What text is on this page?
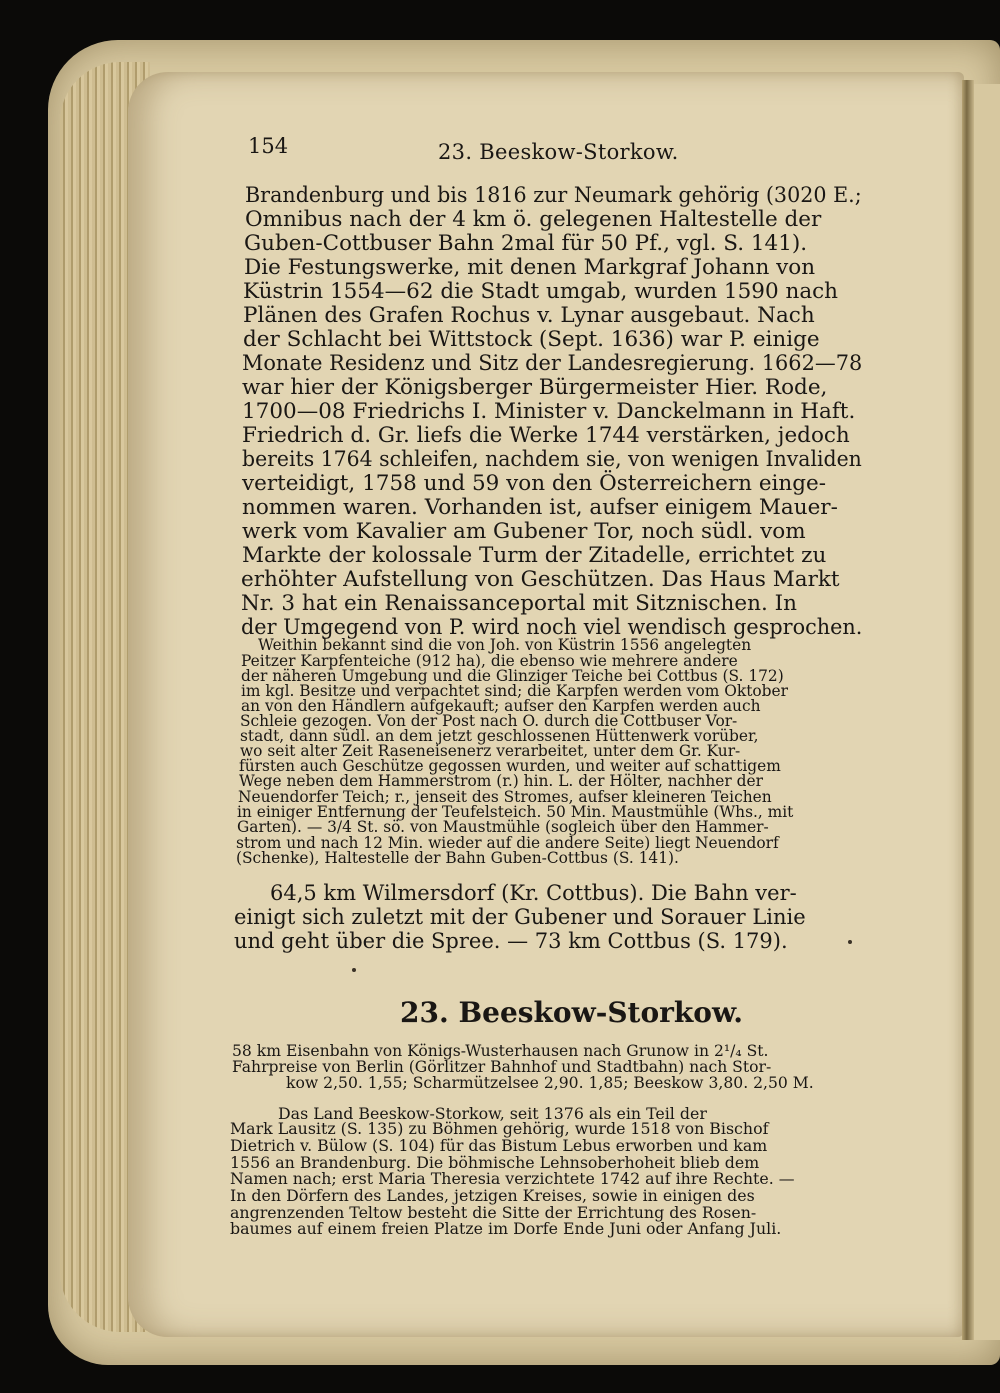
154	23. Beeskow-Storkow.
Brandenburg und bis 1816 zur Neumark gehörig (3020 E.;
Omnibus nach der 4 km ö. gelegenen Haltestelle der
Guben-Cottbuser Bahn 2mal für 50 Pf., vgl. S. 141).
Die Festungswerke, mit denen Markgraf Johann von
Küstrin 1554—62 die Stadt umgab, wurden 1590 nach
Plänen des Grafen Rochus v. Lynar ausgebaut. Nach
der Schlacht bei Wittstock (Sept. 1636) war P. einige
Monate Residenz und Sitz der Landesregierung. 1662—78
war hier der Königsberger Bürgermeister Hier. Rode,
1700—08 Friedrichs I. Minister v. Danckelmann in Haft.
Friedrich d. Gr. liefs die Werke 1744 verstärken, jedoch
bereits 1764 schleifen, nachdem sie, von wenigen Invaliden
verteidigt, 1758 und 59 von den Österreichern einge-
nommen waren. Vorhanden ist, aufser einigem Mauer-
werk vom Kavalier am Gubener Tor, noch südl. vom
Markte der kolossale Turm der Zitadelle, errichtet zu
erhöhter Aufstellung von Geschützen. Das Haus Markt
Nr. 3 hat ein Renaissanceportal mit Sitznischen. In
der Umgegend von P. wird noch viel wendisch gesprochen.
Weithin bekannt sind die von Joh. von Küstrin 1556 angelegten
Peitzer Karpfenteiche (912 ha), die ebenso wie mehrere andere
der näheren Umgebung und die Glinziger Teiche bei Cottbus (S. 172)
im kgl. Besitze und verpachtet sind; die Karpfen werden vom Oktober
an von den Händlern aufgekauft; aufser den Karpfen werden auch
Schleie gezogen. Von der Post nach O. durch die Cottbuser Vor-
stadt, dann südl. an dem jetzt geschlossenen Hüttenwerk vorüber,
wo seit alter Zeit Raseneisenerz verarbeitet, unter dem Gr. Kur-
fürsten auch Geschütze gegossen wurden, und weiter auf schattigem
Wege neben dem Hammerstrom (r.) hin. L. der Hölter, nachher der
Neuendorfer Teich; r., jenseit des Stromes, aufser kleineren Teichen
in einiger Entfernung der Teufelsteich. 50 Min. Maustmühle (Whs., mit
Garten). — 3/4 St. sö. von Maustmühle (sogleich über den Hammer-
strom und nach 12 Min. wieder auf die andere Seite) liegt Neuendorf
(Schenke), Haltestelle der Bahn Guben-Cottbus (S. 141).
64,5 km Wilmersdorf (Kr. Cottbus). Die Bahn ver-
einigt sich zuletzt mit der Gubener und Sorauer Linie
und geht über die Spree. — 73 km Cottbus (S. 179).
23. Beeskow-Storkow.
58 km Eisenbahn von Königs-Wusterhausen nach Grunow in 2¹/₄ St.
Fahrpreise von Berlin (Görlitzer Bahnhof und Stadtbahn) nach Stor-
kow 2,50. 1,55; Scharmützelsee 2,90. 1,85; Beeskow 3,80. 2,50 M.
Das Land Beeskow-Storkow, seit 1376 als ein Teil der
Mark Lausitz (S. 135) zu Böhmen gehörig, wurde 1518 von Bischof
Dietrich v. Bülow (S. 104) für das Bistum Lebus erworben und kam
1556 an Brandenburg. Die böhmische Lehnsoberhoheit blieb dem
Namen nach; erst Maria Theresia verzichtete 1742 auf ihre Rechte. —
In den Dörfern des Landes, jetzigen Kreises, sowie in einigen des
angrenzenden Teltow besteht die Sitte der Errichtung des Rosen-
baumes auf einem freien Platze im Dorfe Ende Juni oder Anfang Juli.
